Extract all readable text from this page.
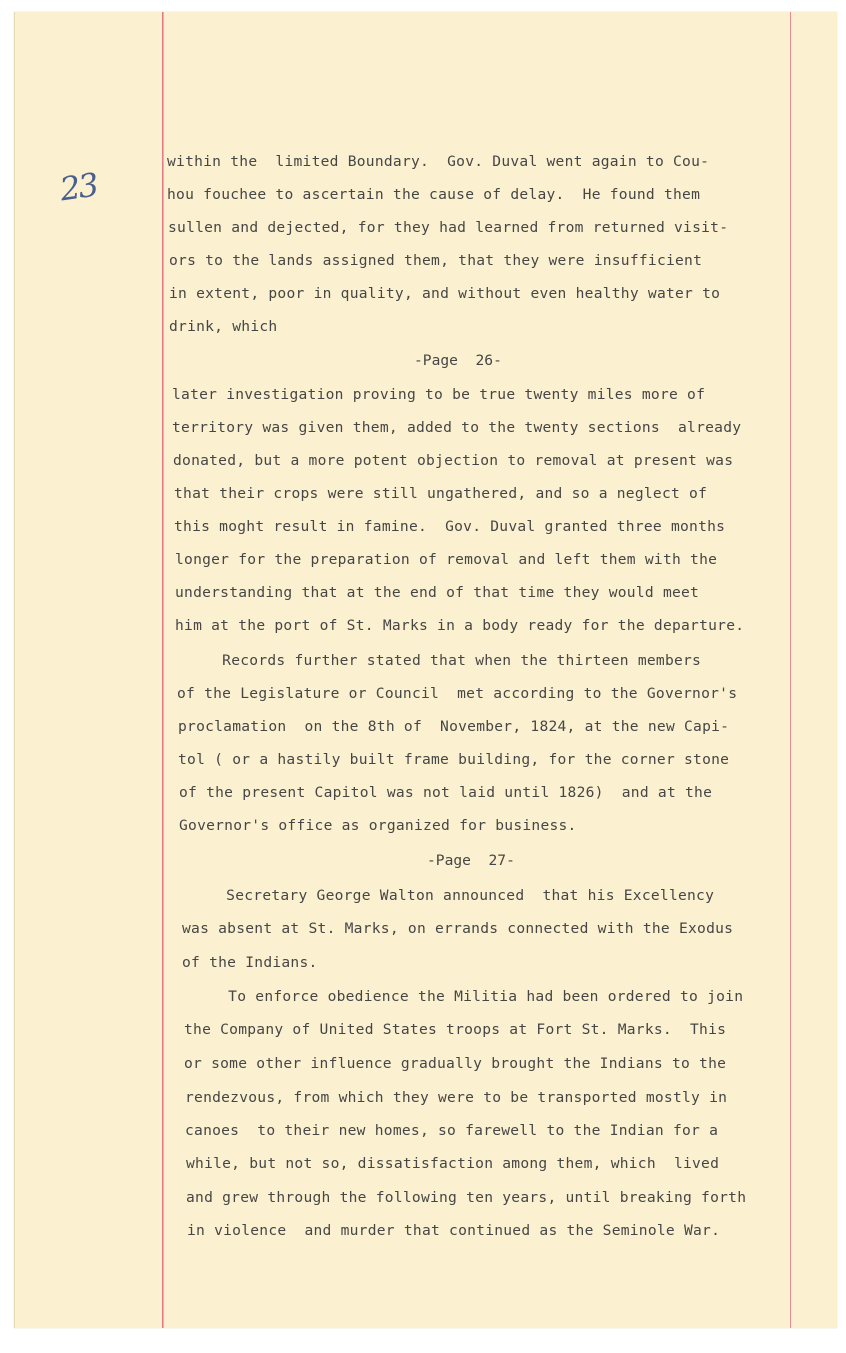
23
within the  limited Boundary.  Gov. Duval went again to Cou-
hou fouchee to ascertain the cause of delay.  He found them
sullen and dejected, for they had learned from returned visit-
ors to the lands assigned them, that they were insufficient
in extent, poor in quality, and without even healthy water to
drink, which
-Page  26-
later investigation proving to be true twenty miles more of
territory was given them, added to the twenty sections  already
donated, but a more potent objection to removal at present was
that their crops were still ungathered, and so a neglect of
this moght result in famine.  Gov. Duval granted three months
longer for the preparation of removal and left them with the
understanding that at the end of that time they would meet
him at the port of St. Marks in a body ready for the departure.
Records further stated that when the thirteen members
of the Legislature or Council  met according to the Governor's
proclamation  on the 8th of  November, 1824, at the new Capi-
tol ( or a hastily built frame building, for the corner stone
of the present Capitol was not laid until 1826)  and at the
Governor's office as organized for business.
-Page  27-
Secretary George Walton announced  that his Excellency
was absent at St. Marks, on errands connected with the Exodus
of the Indians.
To enforce obedience the Militia had been ordered to join
the Company of United States troops at Fort St. Marks.  This
or some other influence gradually brought the Indians to the
rendezvous, from which they were to be transported mostly in
canoes  to their new homes, so farewell to the Indian for a
while, but not so, dissatisfaction among them, which  lived
and grew through the following ten years, until breaking forth
in violence  and murder that continued as the Seminole War.
